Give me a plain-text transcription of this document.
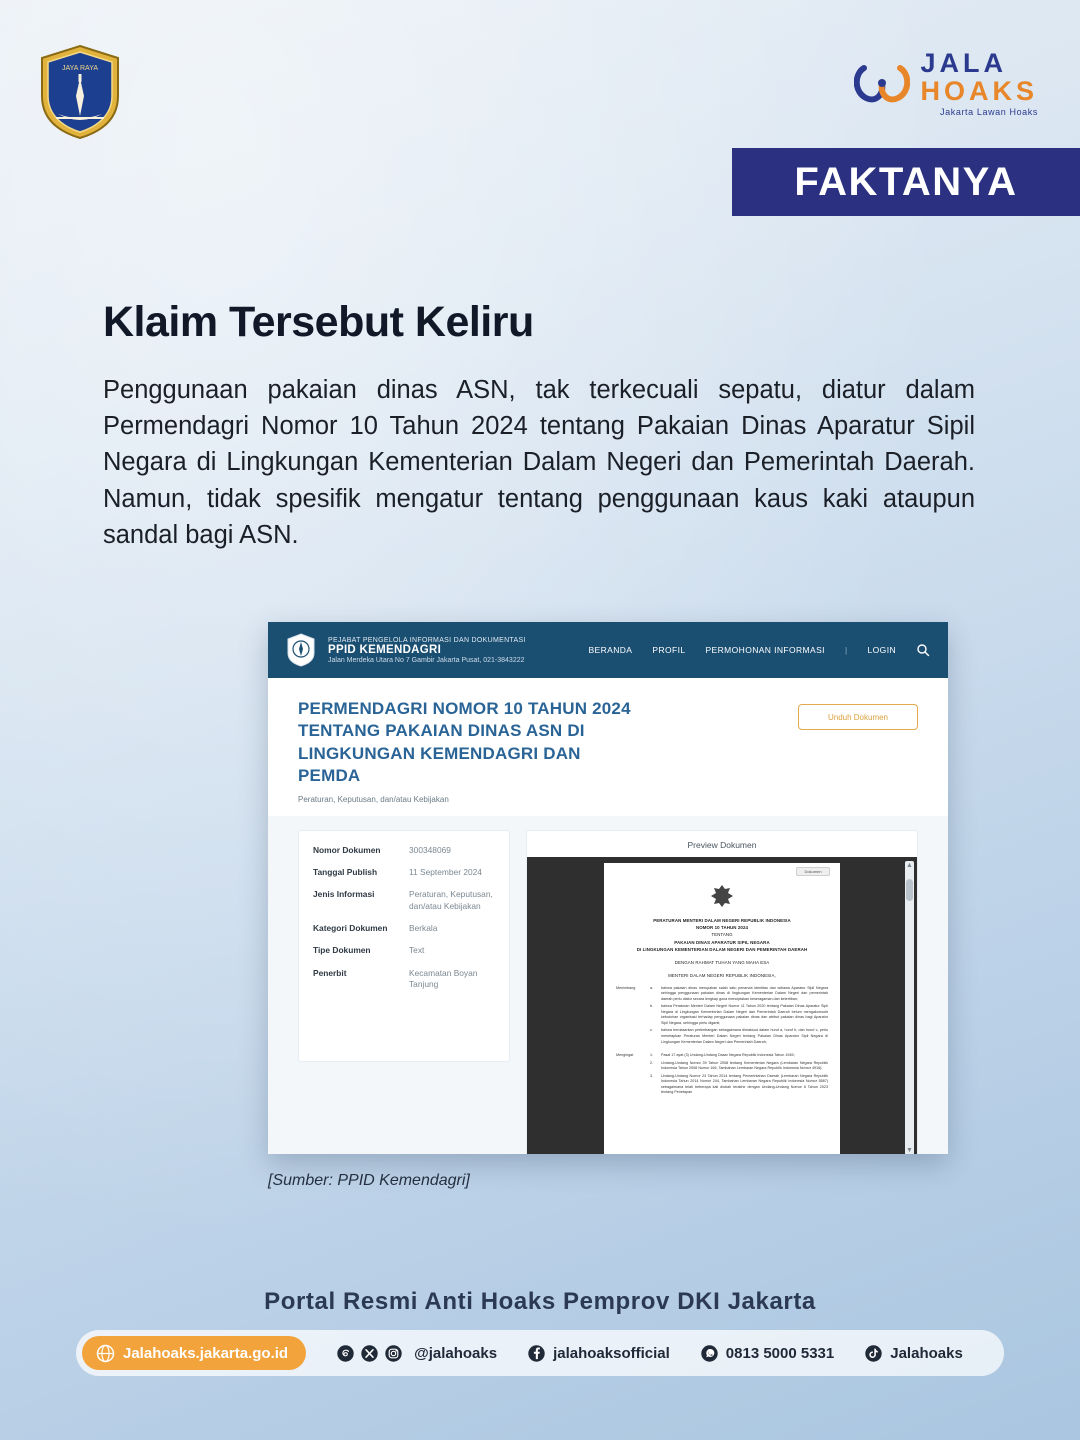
JAYA RAYA	JALA
HOAKS
Jakarta Lawan Hoaks
FAKTANYA
Klaim Tersebut Keliru
Penggunaan pakaian dinas ASN, tak terkecuali sepatu, diatur dalam Permendagri Nomor 10 Tahun 2024 tentang Pakaian Dinas Aparatur Sipil Negara di Lingkungan Kementerian Dalam Negeri dan Pemerintah Daerah. Namun, tidak spesifik mengatur tentang penggunaan kaus kaki ataupun sandal bagi ASN.
PEJABAT PENGELOLA INFORMASI DAN DOKUMENTASI
PPID KEMENDAGRI
Jalan Merdeka Utara No 7 Gambir Jakarta Pusat, 021-3843222
BERANDA PROFIL PERMOHONAN INFORMASI | LOGIN
PERMENDAGRI NOMOR 10 TAHUN 2024 TENTANG PAKAIAN DINAS ASN DI LINGKUNGAN KEMENDAGRI DAN PEMDA
Peraturan, Keputusan, dan/atau Kebijakan
Unduh Dokumen
Nomor Dokumen	300348069
Tanggal Publish	11 September 2024
Jenis Informasi	Peraturan, Keputusan, dan/atau Kebijakan
Kategori Dokumen	Berkala
Tipe Dokumen	Text
Penerbit	Kecamatan Boyan Tanjung
Preview Dokumen
Dokumen
PERATURAN MENTERI DALAM NEGERI REPUBLIK INDONESIA
NOMOR 10 TAHUN 2024
TENTANG
PAKAIAN DINAS APARATUR SIPIL NEGARA
DI LINGKUNGAN KEMENTERIAN DALAM NEGERI DAN PEMERINTAH DAERAH
DENGAN RAHMAT TUHAN YANG MAHA ESA
MENTERI DALAM NEGERI REPUBLIK INDONESIA,
Menimbang	a.	bahwa pakaian dinas merupakan salah satu penanda identitas dan wibawa Aparatur Sipil Negara sehingga penggunaan pakaian dinas di lingkungan Kementerian Dalam Negeri dan pemerintah daerah perlu diatur secara lengkap guna menciptakan keseragaman dan ketertiban;
b.	bahwa Peraturan Menteri Dalam Negeri Nomor 11 Tahun 2020 tentang Pakaian Dinas Aparatur Sipil Negara di Lingkungan Kementerian Dalam Negeri dan Pemerintah Daerah belum mengakomodir kebutuhan organisasi terhadap penggunaan pakaian dinas dan atribut pakaian dinas bagi Aparatur Sipil Negara, sehingga perlu diganti;
c.	bahwa berdasarkan pertimbangan sebagaimana dimaksud dalam huruf a, huruf b, dan huruf c, perlu menetapkan Peraturan Menteri Dalam Negeri tentang Pakaian Dinas Aparatur Sipil Negara di Lingkungan Kementerian Dalam Negeri dan Pemerintah Daerah;
Mengingat	1.	Pasal 17 ayat (3) Undang-Undang Dasar Negara Republik Indonesia Tahun 1945;
2.	Undang-Undang Nomor 39 Tahun 2008 tentang Kementerian Negara (Lembaran Negara Republik Indonesia Tahun 2008 Nomor 166, Tambahan Lembaran Negara Republik Indonesia Nomor 4916);
3.	Undang-Undang Nomor 23 Tahun 2014 tentang Pemerintahan Daerah (Lembaran Negara Republik Indonesia Tahun 2014 Nomor 244, Tambahan Lembaran Negara Republik Indonesia Nomor 5587) sebagaimana telah beberapa kali diubah terakhir dengan Undang-Undang Nomor 6 Tahun 2023 tentang Penetapan
▲
▼
[Sumber: PPID Kemendagri]
Portal Resmi Anti Hoaks Pemprov DKI Jakarta
Jalahoaks.jakarta.go.id	@jalahoaks	jalahoaksofficial	0813 5000 5331	Jalahoaks
